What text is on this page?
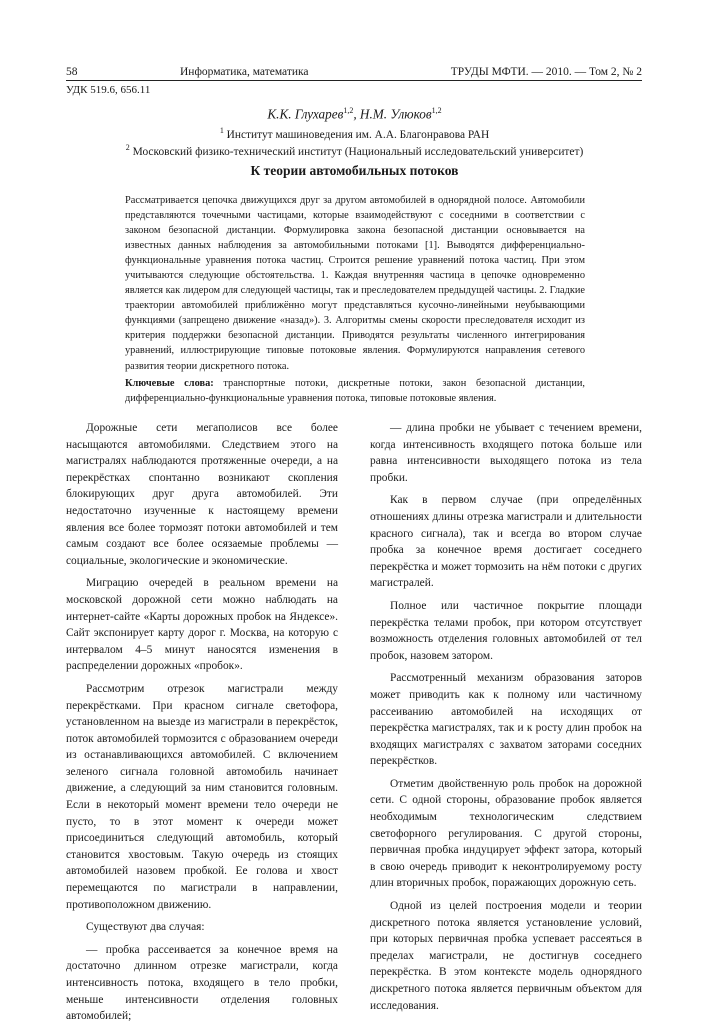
58	Информатика, математика	ТРУДЫ МФТИ. — 2010. — Том 2, № 2
УДК 519.6, 656.11
К.К. Глухарев$^{1,2}$, Н.М. Улюков$^{1,2}$
$^1$ Институт машиноведения им. А.А. Благонравова РАН
$^2$ Московский физико-технический институт (Национальный исследовательский университет)
К теории автомобильных потоков
Рассматривается цепочка движущихся друг за другом автомобилей в однорядной полосе. Автомобили представляются точечными частицами, которые взаимодействуют с соседними в соответствии с законом безопасной дистанции. Формулировка закона безопасной дистанции основывается на известных данных наблюдения за автомобильными потоками [1]. Выводятся дифференциально-функциональные уравнения потока частиц. Строится решение уравнений потока частиц. При этом учитываются следующие обстоятельства. 1. Каждая внутренняя частица в цепочке одновременно является как лидером для следующей частицы, так и преследователем предыдущей частицы. 2. Гладкие траектории автомобилей приближённо могут представляться кусочно-линейными неубывающими функциями (запрещено движение «назад»). 3. Алгоритмы смены скорости преследователя исходит из критерия поддержки безопасной дистанции. Приводятся результаты численного интегрирования уравнений, иллюстрирующие типовые потоковые явления. Формулируются направления сетевого развития теории дискретного потока.
Ключевые слова: транспортные потоки, дискретные потоки, закон безопасной дистанции, дифференциально-функциональные уравнения потока, типовые потоковые явления.

Дорожные сети мегаполисов все более насыщаются автомобилями. Следствием этого на магистралях наблюдаются протяженные очереди, а на перекрёстках спонтанно возникают скопления блокирующих друг друга автомобилей. Эти недостаточно изученные к настоящему времени явления все более тормозят потоки автомобилей и тем самым создают все более осязаемые проблемы — социальные, экологические и экономические.

Миграцию очередей в реальном времени на московской дорожной сети можно наблюдать на интернет-сайте «Карты дорожных пробок на Яндексе». Сайт экспонирует карту дорог г. Москва, на которую с интервалом 4–5 минут наносятся изменения в распределении дорожных «пробок».

Рассмотрим отрезок магистрали между перекрёстками. При красном сигнале светофора, установленном на выезде из магистрали в перекрёсток, поток автомобилей тормозится с образованием очереди из останавливающихся автомобилей. С включением зеленого сигнала головной автомобиль начинает движение, а следующий за ним становится головным. Если в некоторый момент времени тело очереди не пусто, то в этот момент к очереди может присоединиться следующий автомобиль, который становится хвостовым. Такую очередь из стоящих автомобилей назовем пробкой. Ее голова и хвост перемещаются по магистрали в направлении, противоположном движению.

Существуют два случая:

— пробка рассеивается за конечное время на достаточно длинном отрезке магистрали, когда интенсивность потока, входящего в тело пробки, меньше интенсивности отделения головных автомобилей;

— длина пробки не убывает с течением времени, когда интенсивность входящего потока больше или равна интенсивности выходящего потока из тела пробки.

Как в первом случае (при определённых отношениях длины отрезка магистрали и длительности красного сигнала), так и всегда во втором случае пробка за конечное время достигает соседнего перекрёстка и может тормозить на нём потоки с других магистралей.

Полное или частичное покрытие площади перекрёстка телами пробок, при котором отсутствует возможность отделения головных автомобилей от тел пробок, назовем затором.

Рассмотренный механизм образования заторов может приводить как к полному или частичному рассеиванию автомобилей на исходящих от перекрёстка магистралях, так и к росту длин пробок на входящих магистралях с захватом заторами соседних перекрёстков.

Отметим двойственную роль пробок на дорожной сети. С одной стороны, образование пробок является необходимым технологическим следствием светофорного регулирования. С другой стороны, первичная пробка индуцирует эффект затора, который в свою очередь приводит к неконтролируемому росту длин вторичных пробок, поражающих дорожную сеть.

Одной из целей построения модели и теории дискретного потока является установление условий, при которых первичная пробка успевает рассеяться в пределах магистрали, не достигнув соседнего перекрёстка. В этом контексте модель однорядного дискретного потока является первичным объектом для исследования.
